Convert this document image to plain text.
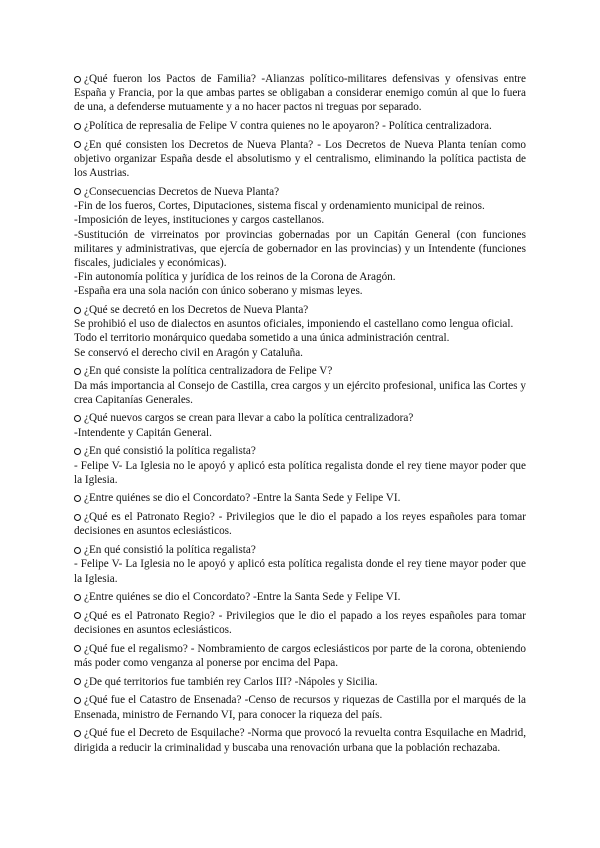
¿Qué fueron los Pactos de Familia? -Alianzas político-militares defensivas y ofensivas entre España y Francia, por la que ambas partes se obligaban a considerar enemigo común al que lo fuera de una, a defenderse mutuamente y a no hacer pactos ni treguas por separado.
¿Política de represalia de Felipe V contra quienes no le apoyaron? - Política centralizadora.
¿En qué consisten los Decretos de Nueva Planta? - Los Decretos de Nueva Planta tenían como objetivo organizar España desde el absolutismo y el centralismo, eliminando la política pactista de los Austrias.
¿Consecuencias Decretos de Nueva Planta?
-Fin de los fueros, Cortes, Diputaciones, sistema fiscal y ordenamiento municipal de reinos.
-Imposición de leyes, instituciones y cargos castellanos.
-Sustitución de virreinatos por provincias gobernadas por un Capitán General (con funciones militares y administrativas, que ejercía de gobernador en las provincias) y un Intendente (funciones fiscales, judiciales y económicas).
-Fin autonomía política y jurídica de los reinos de la Corona de Aragón.
-España era una sola nación con único soberano y mismas leyes.
¿Qué se decretó en los Decretos de Nueva Planta?
Se prohibió el uso de dialectos en asuntos oficiales, imponiendo el castellano como lengua oficial.
Todo el territorio monárquico quedaba sometido a una única administración central.
Se conservó el derecho civil en Aragón y Cataluña.
¿En qué consiste la política centralizadora de Felipe V?
Da más importancia al Consejo de Castilla, crea cargos y un ejército profesional, unifica las Cortes y crea Capitanías Generales.
¿Qué nuevos cargos se crean para llevar a cabo la política centralizadora?
-Intendente y Capitán General.
¿En qué consistió la política regalista?
- Felipe V- La Iglesia no le apoyó y aplicó esta política regalista donde el rey tiene mayor poder que la Iglesia.
¿Entre quiénes se dio el Concordato? -Entre la Santa Sede y Felipe VI.
¿Qué es el Patronato Regio? - Privilegios que le dio el papado a los reyes españoles para tomar decisiones en asuntos eclesiásticos.
¿En qué consistió la política regalista?
- Felipe V- La Iglesia no le apoyó y aplicó esta política regalista donde el rey tiene mayor poder que la Iglesia.
¿Entre quiénes se dio el Concordato? -Entre la Santa Sede y Felipe VI.
¿Qué es el Patronato Regio? - Privilegios que le dio el papado a los reyes españoles para tomar decisiones en asuntos eclesiásticos.
¿Qué fue el regalismo? - Nombramiento de cargos eclesiásticos por parte de la corona, obteniendo más poder como venganza al ponerse por encima del Papa.
¿De qué territorios fue también rey Carlos III? -Nápoles y Sicilia.
¿Qué fue el Catastro de Ensenada? -Censo de recursos y riquezas de Castilla por el marqués de la Ensenada, ministro de Fernando VI, para conocer la riqueza del país.
¿Qué fue el Decreto de Esquilache? -Norma que provocó la revuelta contra Esquilache en Madrid, dirigida a reducir la criminalidad y buscaba una renovación urbana que la población rechazaba.
